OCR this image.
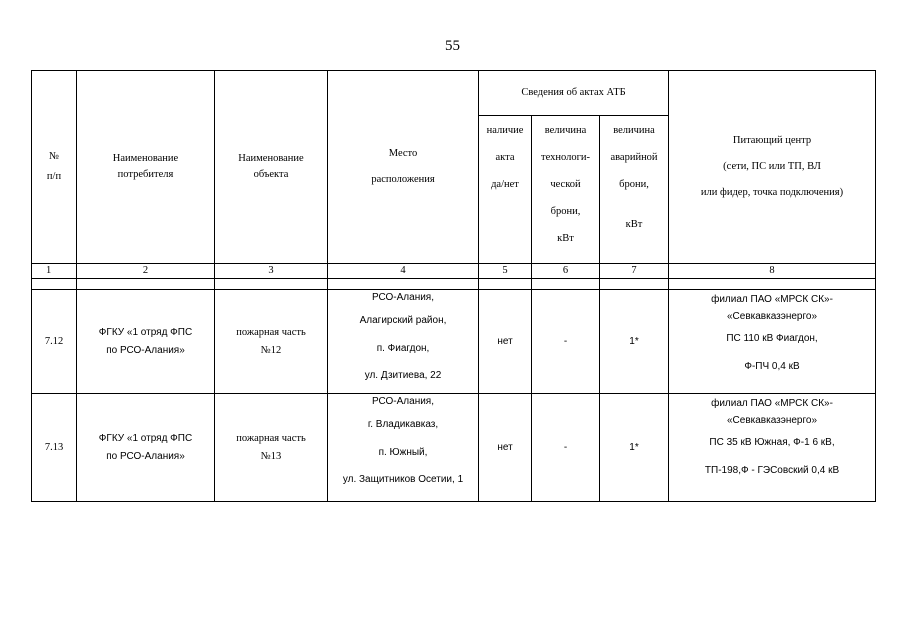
55
№
п/п	Наименование
потребителя	Наименование
объекта	Место
расположения	Сведения об актах АТБ			Питающий центр
(сети, ПС или ТП, ВЛ
или фидер, точка подключения)

				наличие
акта
да/нет	величина
технологи-
ческой
брони,
кВт	величина
аварийной
брони,
кВт	

1	2	3	4	5	6	7	8

7.12	ФГКУ «1 отряд ФПС
по РСО-Алания»	пожарная часть
№12	РСО-Алания,
Алагирский район,
п. Фиагдон,
ул. Дзитиева, 22	нет	-	1*	филиал ПАО «МРСК СК»-
«Севкавказэнерго»
ПС 110 кВ Фиагдон,
Ф-ПЧ 0,4 кВ

7.13	ФГКУ «1 отряд ФПС
по РСО-Алания»	пожарная часть
№13	РСО-Алания,
г. Владикавказ,
п. Южный,
ул. Защитников Осетии, 1	нет	-	1*	филиал ПАО «МРСК СК»-
«Севкавказэнерго»
ПС 35 кВ Южная, Ф-1 6 кВ,
ТП-198,Ф - ГЭСовский 0,4 кВ
